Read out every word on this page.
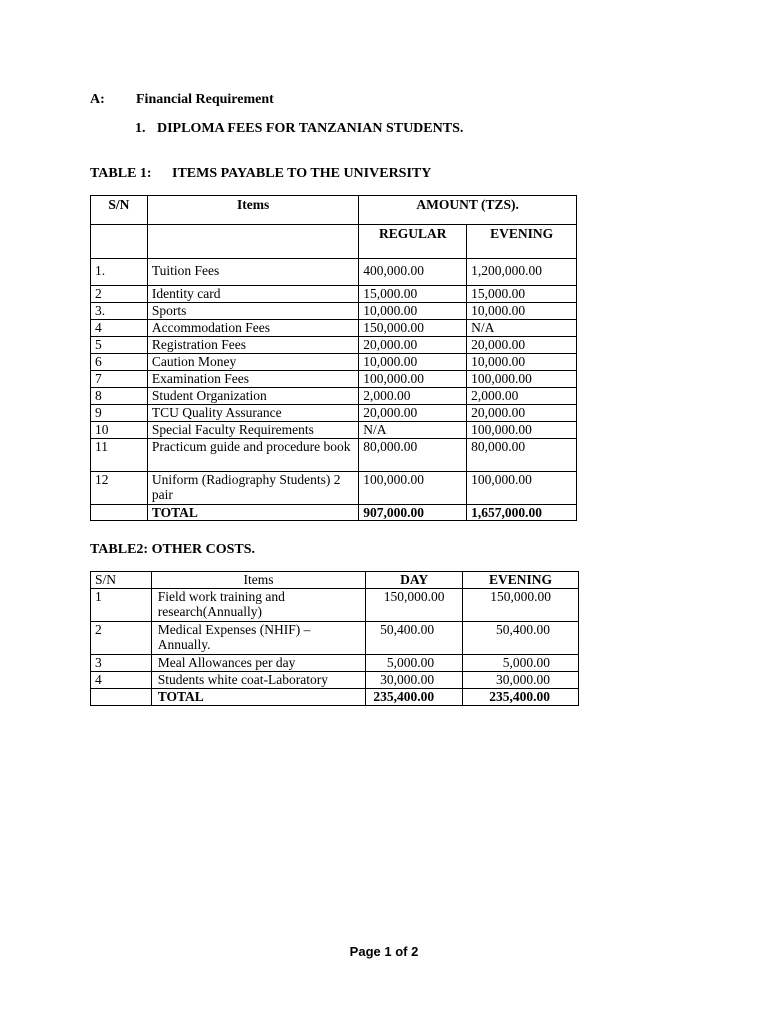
A: Financial Requirement
1. DIPLOMA FEES FOR TANZANIAN STUDENTS.
TABLE 1: ITEMS PAYABLE TO THE UNIVERSITY
S/N	Items	AMOUNT (TZS).	
		REGULAR	EVENING
1.	Tuition Fees	400,000.00	1,200,000.00
2	Identity card	15,000.00	15,000.00
3.	Sports	10,000.00	10,000.00
4	Accommodation Fees	150,000.00	N/A
5	Registration Fees	20,000.00	20,000.00
6	Caution Money	10,000.00	10,000.00
7	Examination Fees	100,000.00	100,000.00
8	Student Organization	2,000.00	2,000.00
9	TCU Quality Assurance	20,000.00	20,000.00
10	Special Faculty Requirements	N/A	100,000.00
11	Practicum guide and procedure book	80,000.00	80,000.00
12	Uniform (Radiography Students) 2 pair	100,000.00	100,000.00
	TOTAL	907,000.00	1,657,000.00
TABLE2: OTHER COSTS.
S/N	Items	DAY	EVENING
1	Field work training and research(Annually)	150,000.00	150,000.00
2	Medical Expenses (NHIF) – Annually.	50,400.00	50,400.00
3	Meal Allowances per day	5,000.00	5,000.00
4	Students white coat-Laboratory	30,000.00	30,000.00
	TOTAL	235,400.00	235,400.00
Page 1 of 2
